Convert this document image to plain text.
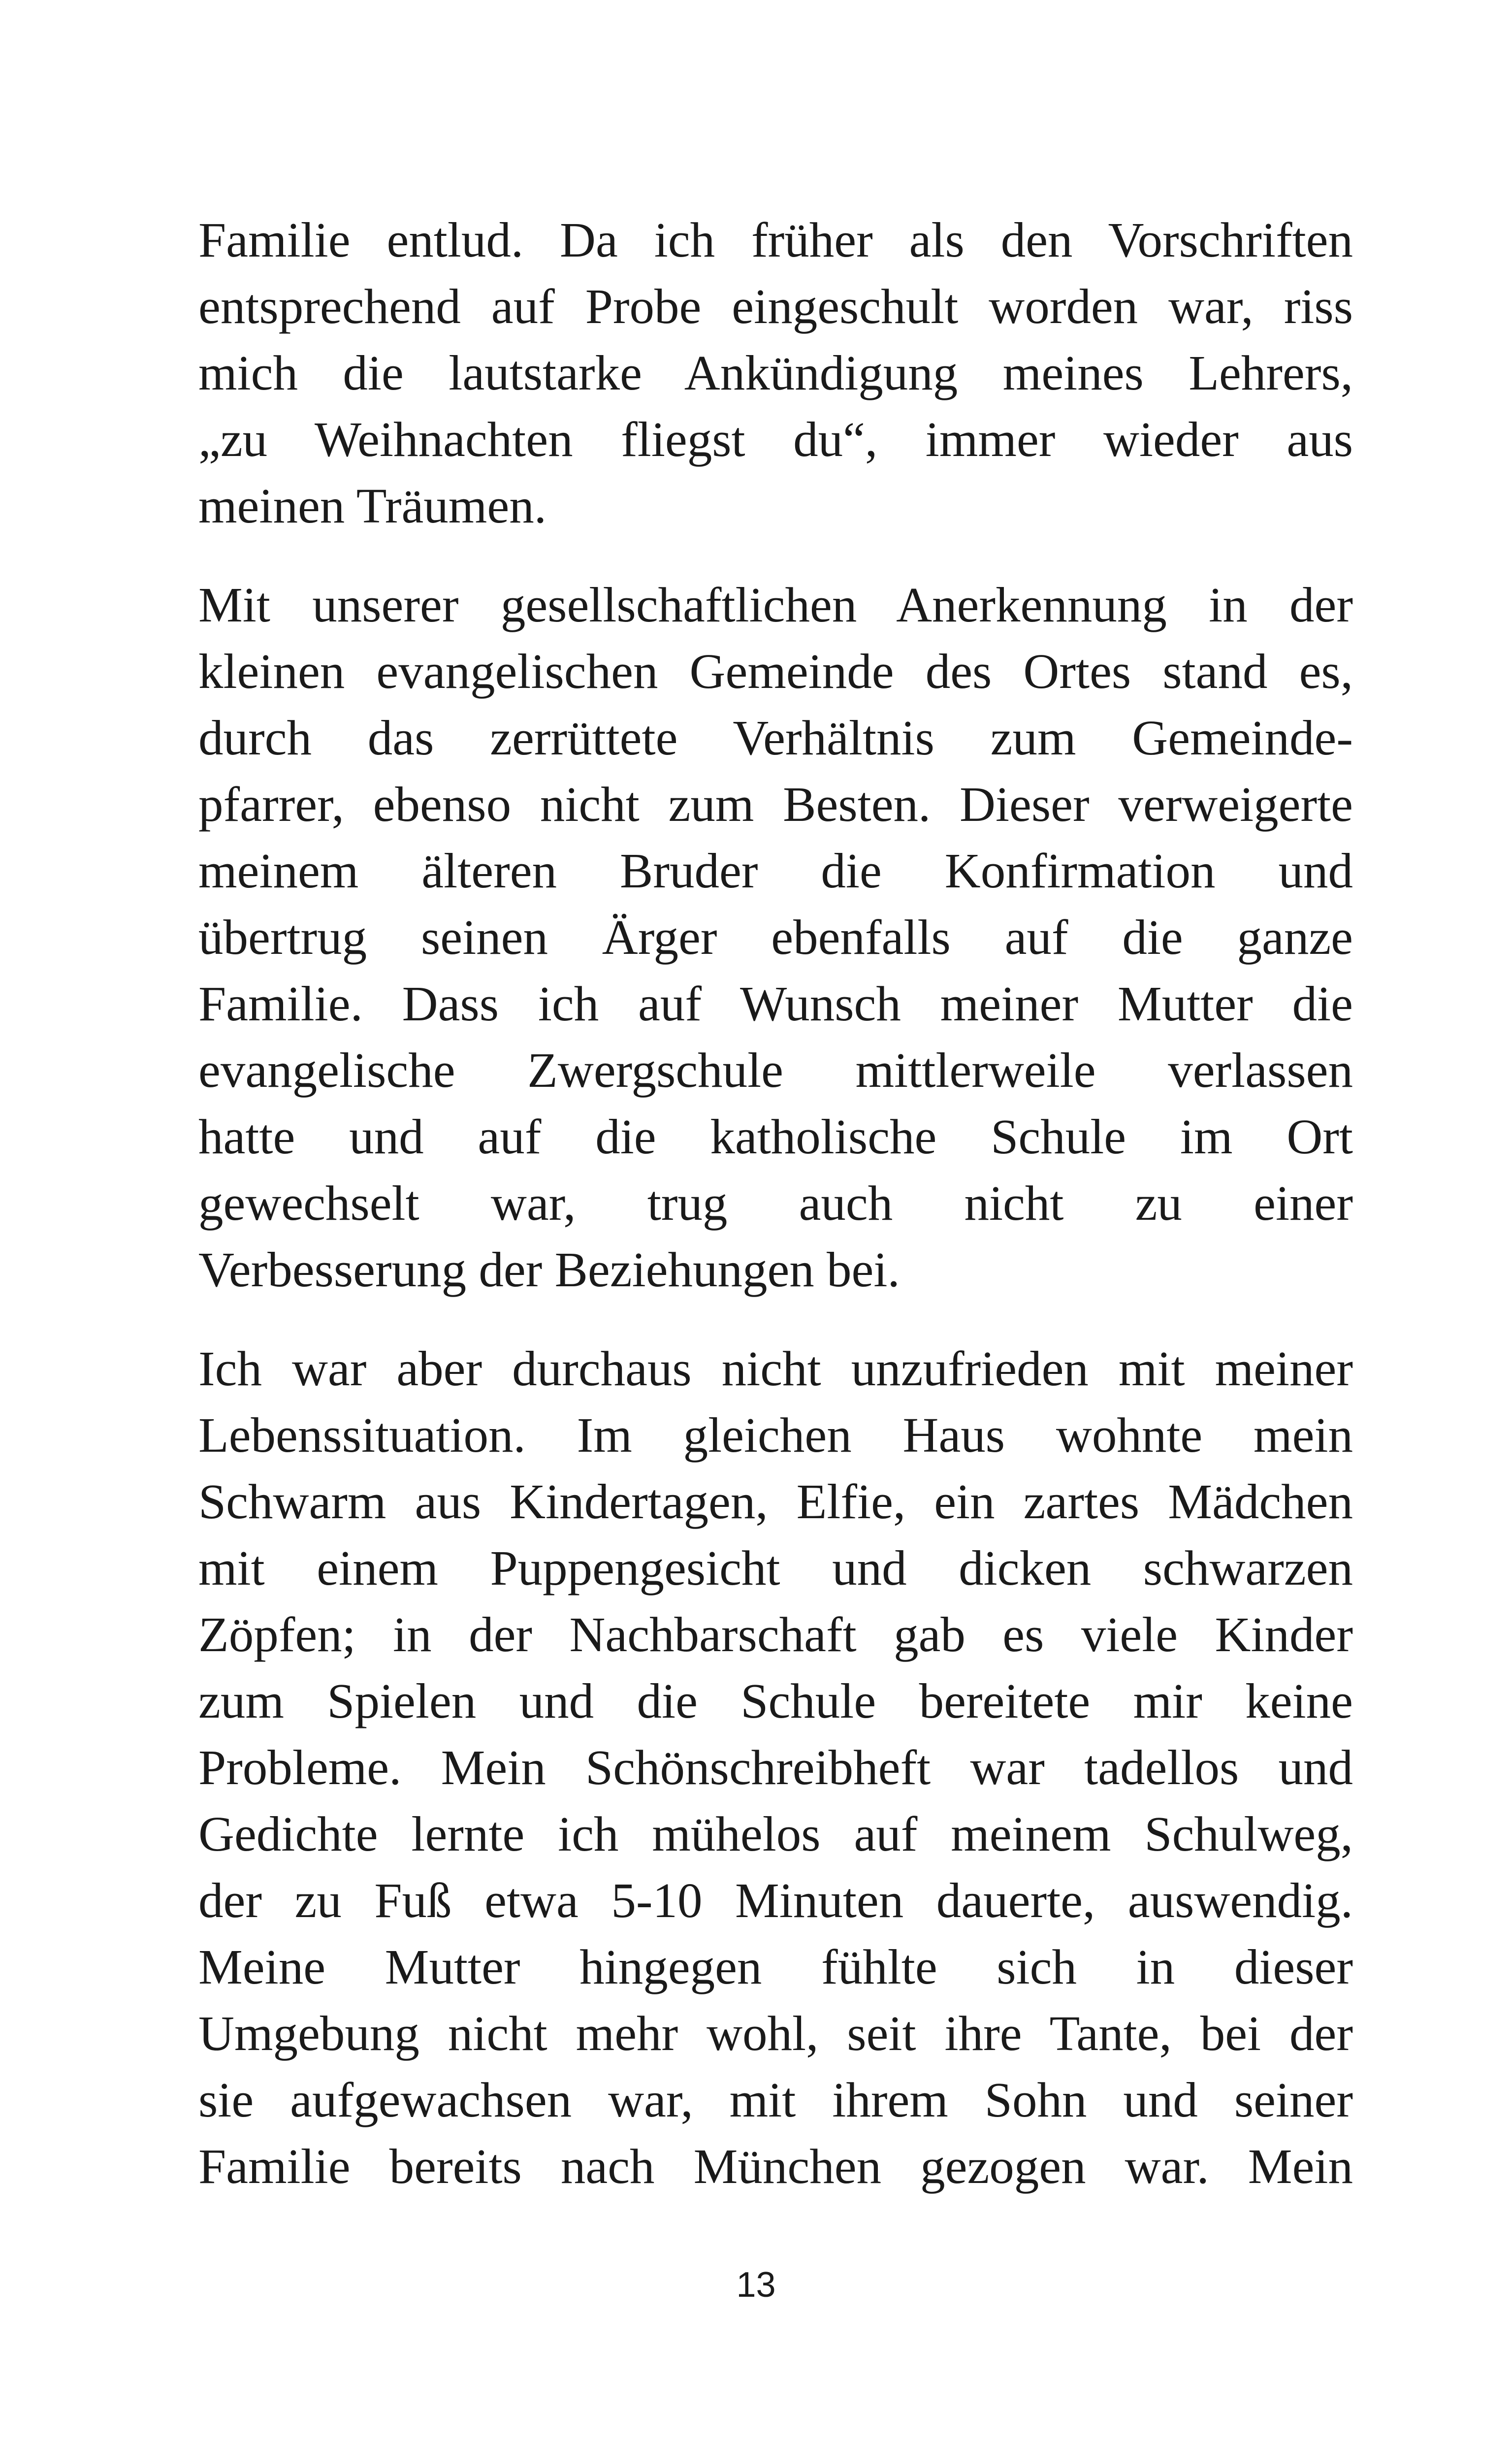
Familie entlud. Da ich früher als den Vorschriften
entsprechend auf Probe eingeschult worden war, riss
mich die lautstarke Ankündigung meines Lehrers,
„zu Weihnachten fliegst du“, immer wieder aus
meinen Träumen.
Mit unserer gesellschaftlichen Anerkennung in der
kleinen evangelischen Gemeinde des Ortes stand es,
durch das zerrüttete Verhältnis zum Gemeinde-
pfarrer, ebenso nicht zum Besten. Dieser verweigerte
meinem älteren Bruder die Konfirmation und
übertrug seinen Ärger ebenfalls auf die ganze
Familie. Dass ich auf Wunsch meiner Mutter die
evangelische Zwergschule mittlerweile verlassen
hatte und auf die katholische Schule im Ort
gewechselt war, trug auch nicht zu einer
Verbesserung der Beziehungen bei.
Ich war aber durchaus nicht unzufrieden mit meiner
Lebenssituation. Im gleichen Haus wohnte mein
Schwarm aus Kindertagen, Elfie, ein zartes Mädchen
mit einem Puppengesicht und dicken schwarzen
Zöpfen; in der Nachbarschaft gab es viele Kinder
zum Spielen und die Schule bereitete mir keine
Probleme. Mein Schönschreibheft war tadellos und
Gedichte lernte ich mühelos auf meinem Schulweg,
der zu Fuß etwa 5-10 Minuten dauerte, auswendig.
Meine Mutter hingegen fühlte sich in dieser
Umgebung nicht mehr wohl, seit ihre Tante, bei der
sie aufgewachsen war, mit ihrem Sohn und seiner
Familie bereits nach München gezogen war. Mein
13
